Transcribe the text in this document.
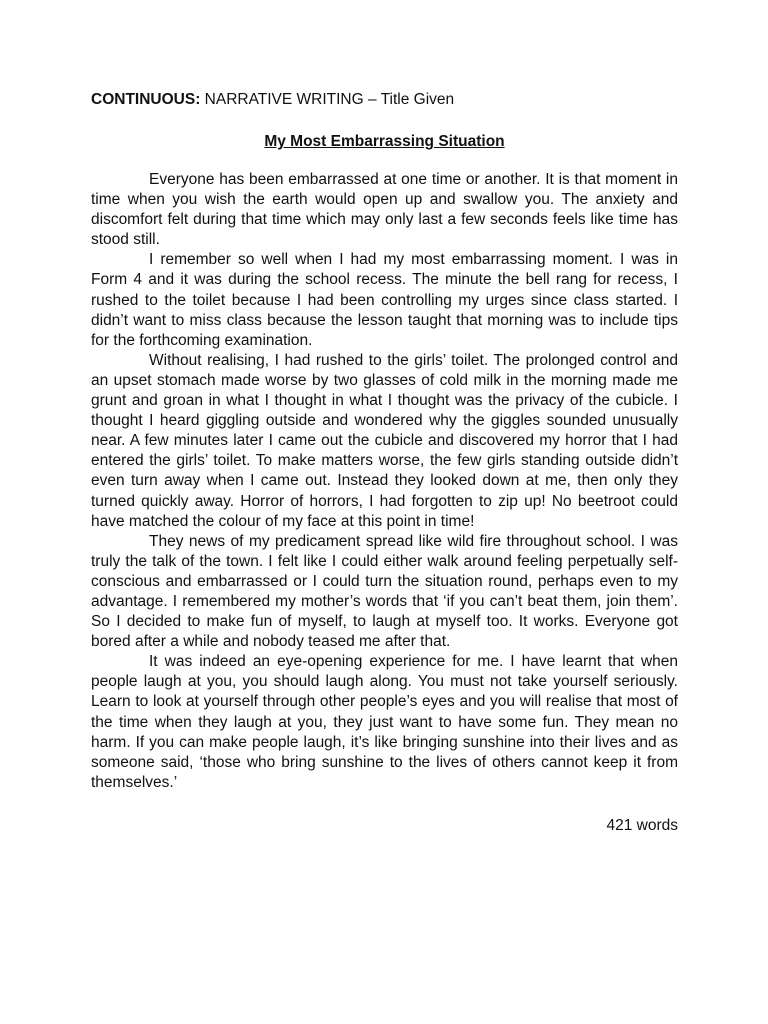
CONTINUOUS: NARRATIVE WRITING – Title Given
My Most Embarrassing Situation

Everyone has been embarrassed at one time or another. It is that moment in time when you wish the earth would open up and swallow you. The anxiety and discomfort felt during that time which may only last a few seconds feels like time has stood still.

I remember so well when I had my most embarrassing moment. I was in Form 4 and it was during the school recess. The minute the bell rang for recess, I rushed to the toilet because I had been controlling my urges since class started. I didn’t want to miss class because the lesson taught that morning was to include tips for the forthcoming examination.

Without realising, I had rushed to the girls’ toilet. The prolonged control and an upset stomach made worse by two glasses of cold milk in the morning made me grunt and groan in what I thought in what I thought was the privacy of the cubicle. I thought I heard giggling outside and wondered why the giggles sounded unusually near. A few minutes later I came out the cubicle and discovered my horror that I had entered the girls’ toilet. To make matters worse, the few girls standing outside didn’t even turn away when I came out. Instead they looked down at me, then only they turned quickly away. Horror of horrors, I had forgotten to zip up! No beetroot could have matched the colour of my face at this point in time!

They news of my predicament spread like wild fire throughout school. I was truly the talk of the town. I felt like I could either walk around feeling perpetually self-conscious and embarrassed or I could turn the situation round, perhaps even to my advantage. I remembered my mother’s words that ‘if you can’t beat them, join them’. So I decided to make fun of myself, to laugh at myself too. It works. Everyone got bored after a while and nobody teased me after that.

It was indeed an eye-opening experience for me. I have learnt that when people laugh at you, you should laugh along. You must not take yourself seriously. Learn to look at yourself through other people’s eyes and you will realise that most of the time when they laugh at you, they just want to have some fun. They mean no harm. If you can make people laugh, it’s like bringing sunshine into their lives and as someone said, ‘those who bring sunshine to the lives of others cannot keep it from themselves.’

421 words
